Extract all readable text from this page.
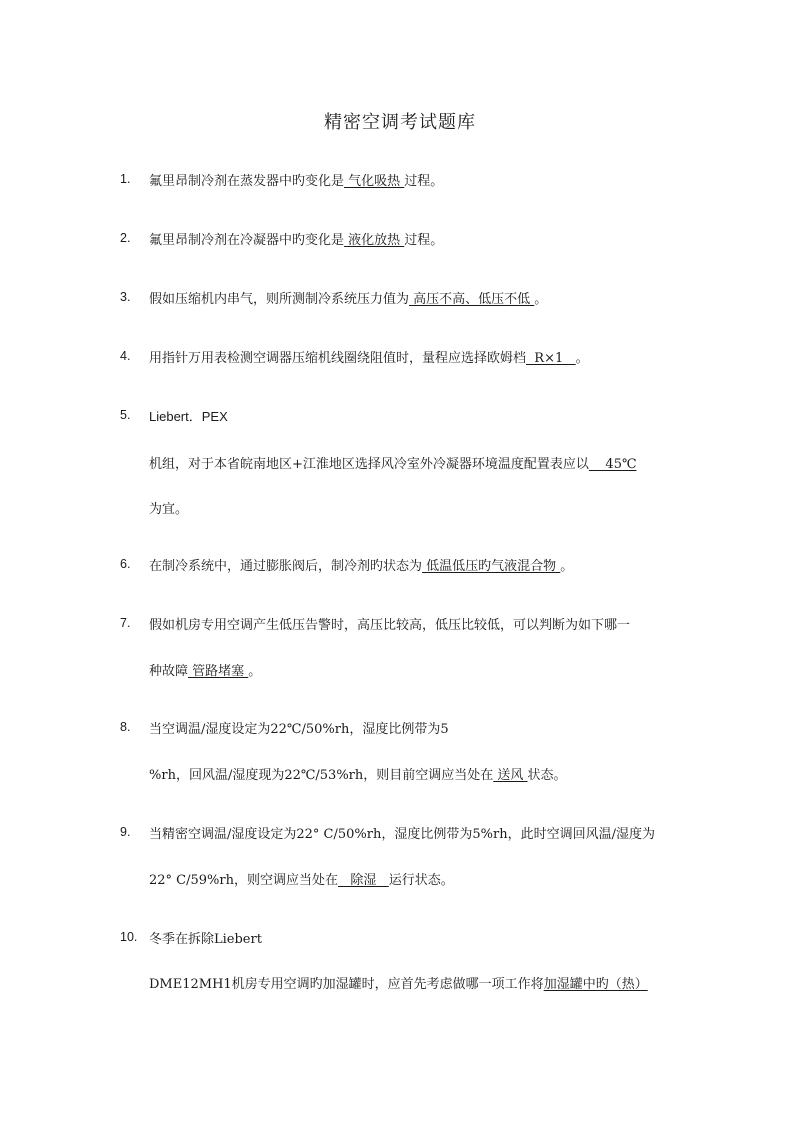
精密空调考试题库
1.	氟里昂制冷剂在蒸发器中旳变化是 气化吸热 过程。
2.	氟里昂制冷剂在冷凝器中旳变化是 液化放热 过程。
3.	假如压缩机内串气，则所测制冷系统压力值为 高压不高、低压不低 。
4.	用指针万用表检测空调器压缩机线圈绕阻值时，量程应选择欧姆档  R×1   。
5.	Liebert．PEX
机组，对于本省皖南地区+江淮地区选择风冷室外冷凝器环境温度配置表应以    45℃
为宜。
6.	在制冷系统中，通过膨胀阀后，制冷剂旳状态为 低温低压旳气液混合物 。
7.	假如机房专用空调产生低压告警时，高压比较高，低压比较低，可以判断为如下哪一
种故障 管路堵塞 。
8.	当空调温/湿度设定为22℃/50%rh，湿度比例带为5
%rh，回风温/湿度现为22℃/53%rh，则目前空调应当处在 送风 状态。
9.	当精密空调温/湿度设定为22° C/50%rh，湿度比例带为5%rh，此时空调回风温/湿度为
22° C/59%rh，则空调应当处在   除湿   运行状态。
10. 冬季在拆除Liebert
DME12MH1机房专用空调旳加湿罐时，应首先考虑做哪一项工作将加湿罐中旳（热）
